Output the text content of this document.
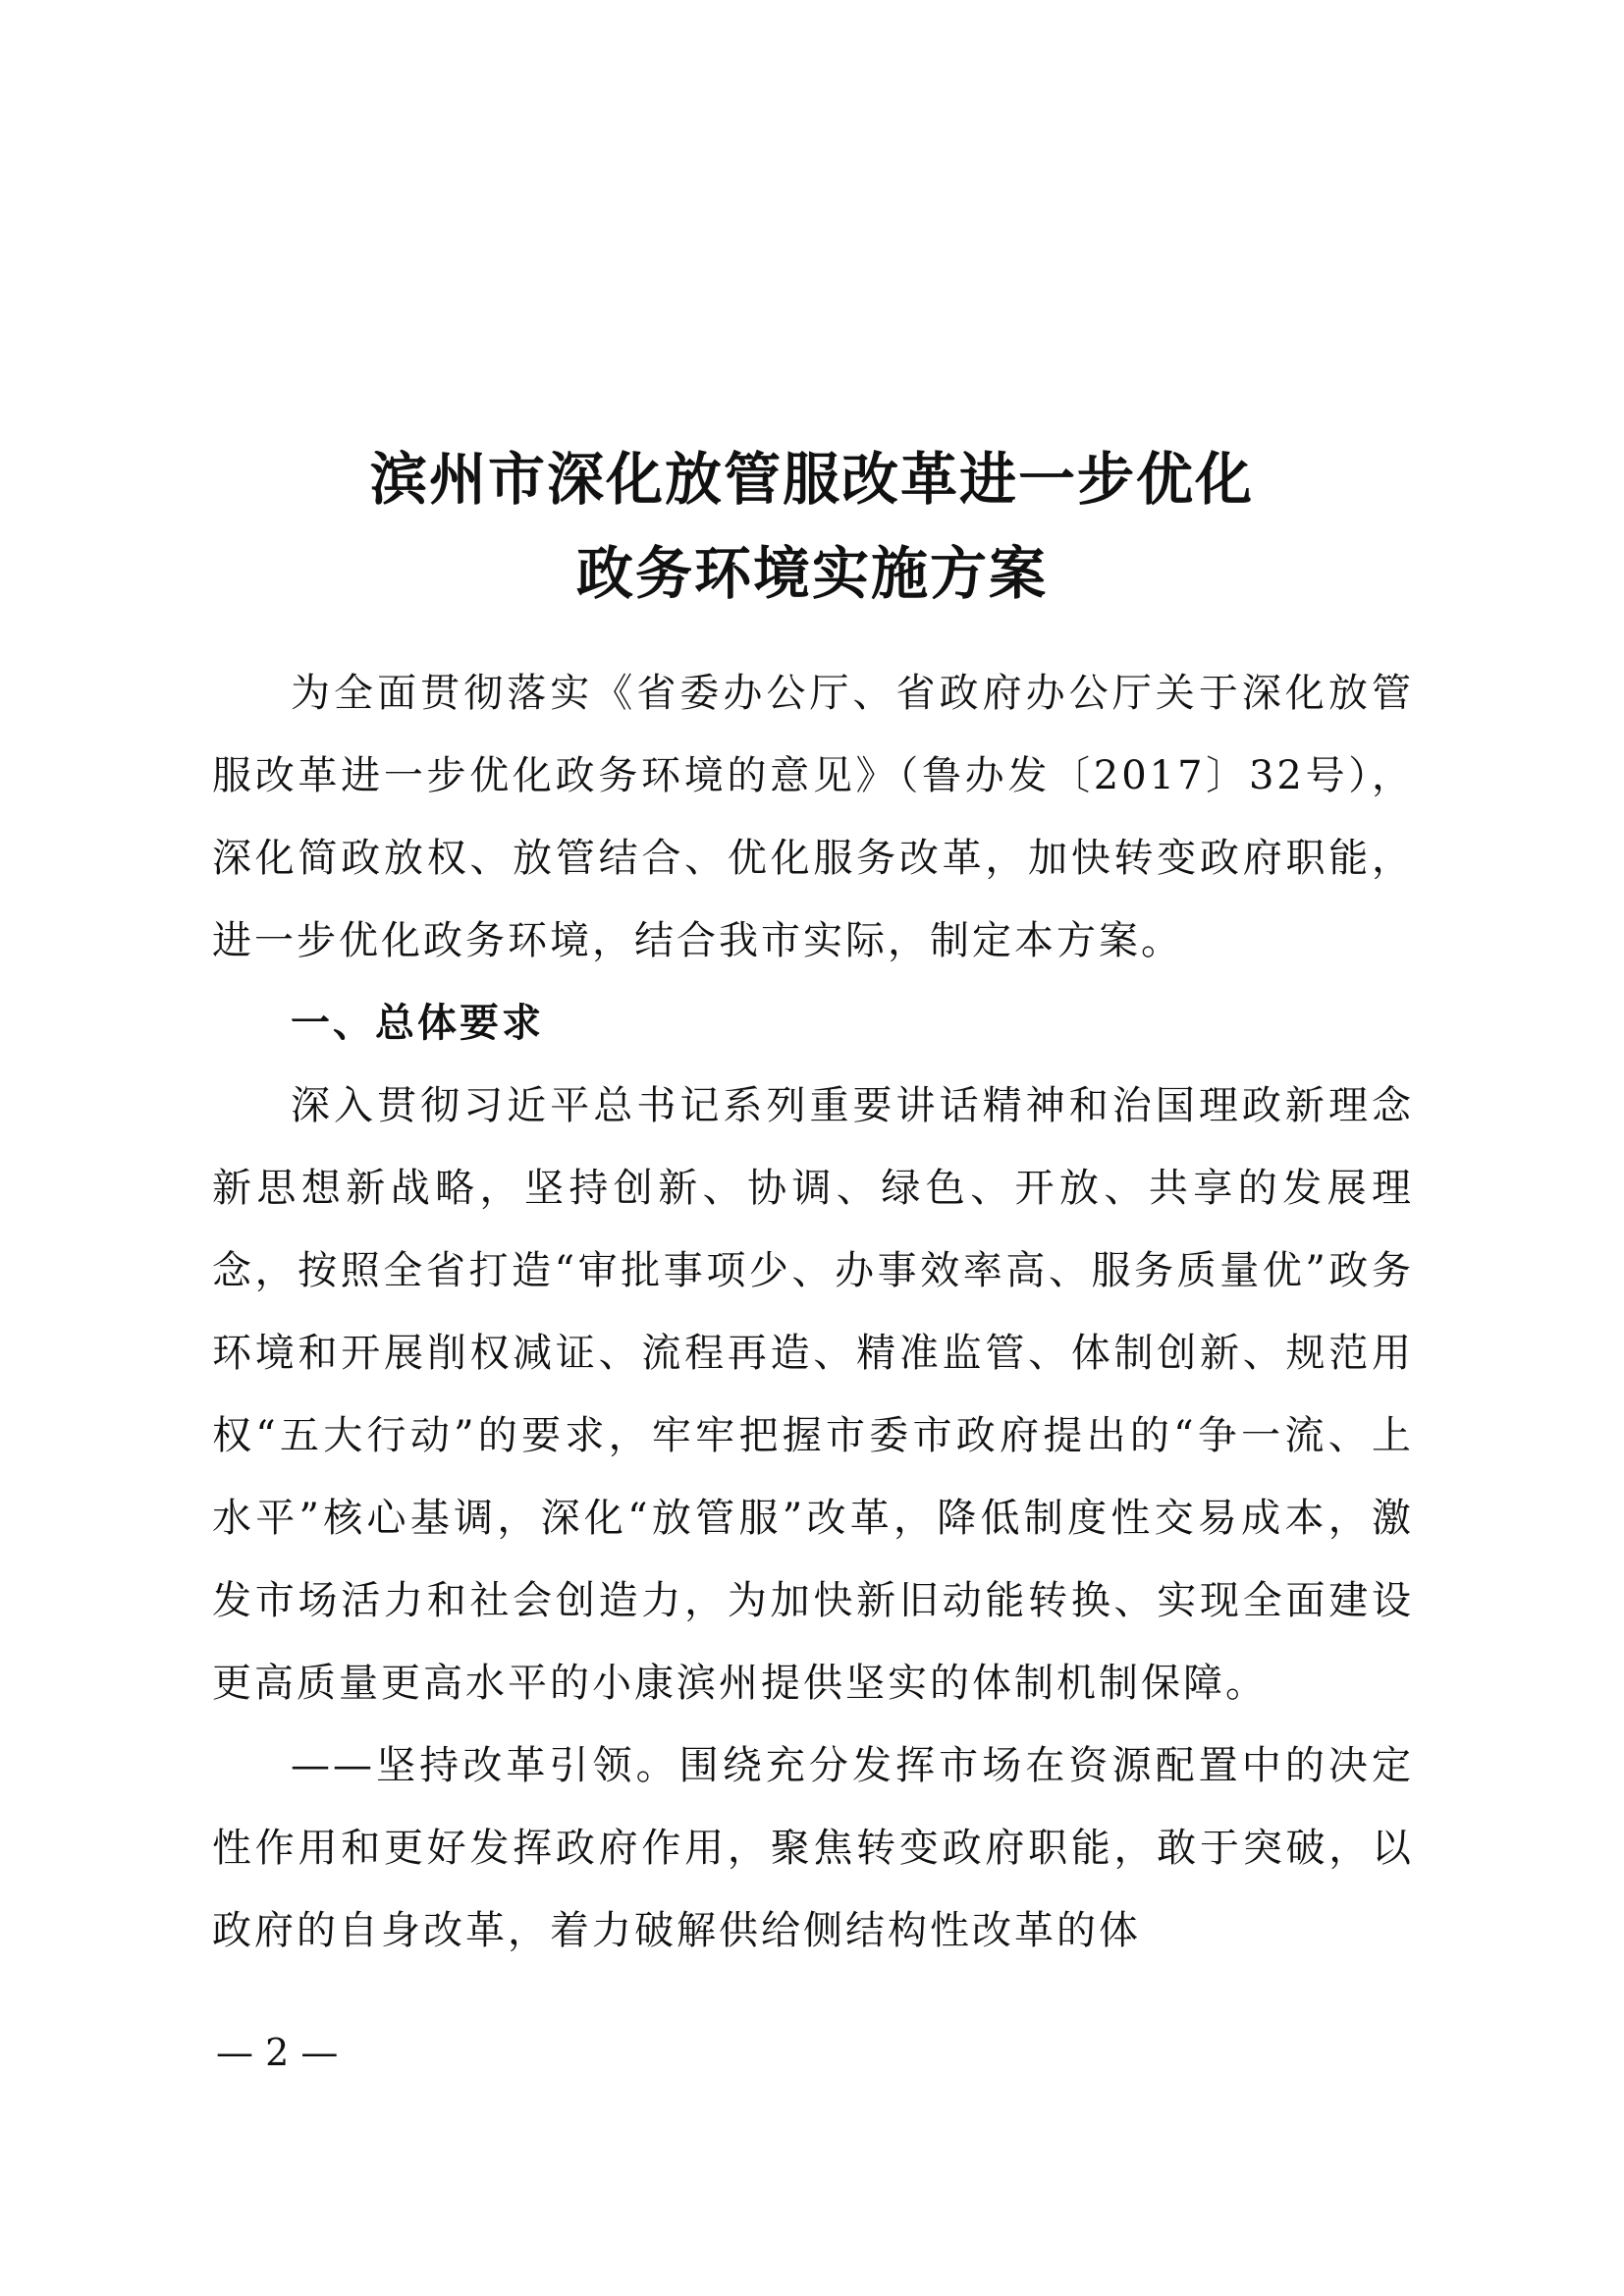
滨州市深化放管服改革进一步优化
政务环境实施方案

为全面贯彻落实《省委办公厅、省政府办公厅关于深化放管服改革进一步优化政务环境的意见》（鲁办发〔2017〕32号），深化简政放权、放管结合、优化服务改革，加快转变政府职能，进一步优化政务环境，结合我市实际，制定本方案。

一、总体要求

深入贯彻习近平总书记系列重要讲话精神和治国理政新理念新思想新战略，坚持创新、协调、绿色、开放、共享的发展理念，按照全省打造“审批事项少、办事效率高、服务质量优”政务环境和开展削权减证、流程再造、精准监管、体制创新、规范用权“五大行动”的要求，牢牢把握市委市政府提出的“争一流、上水平”核心基调，深化“放管服”改革，降低制度性交易成本，激发市场活力和社会创造力，为加快新旧动能转换、实现全面建设更高质量更高水平的小康滨州提供坚实的体制机制保障。

——坚持改革引领。围绕充分发挥市场在资源配置中的决定性作用和更好发挥政府作用，聚焦转变政府职能，敢于突破，以政府的自身改革，着力破解供给侧结构性改革的体

— 2 —
